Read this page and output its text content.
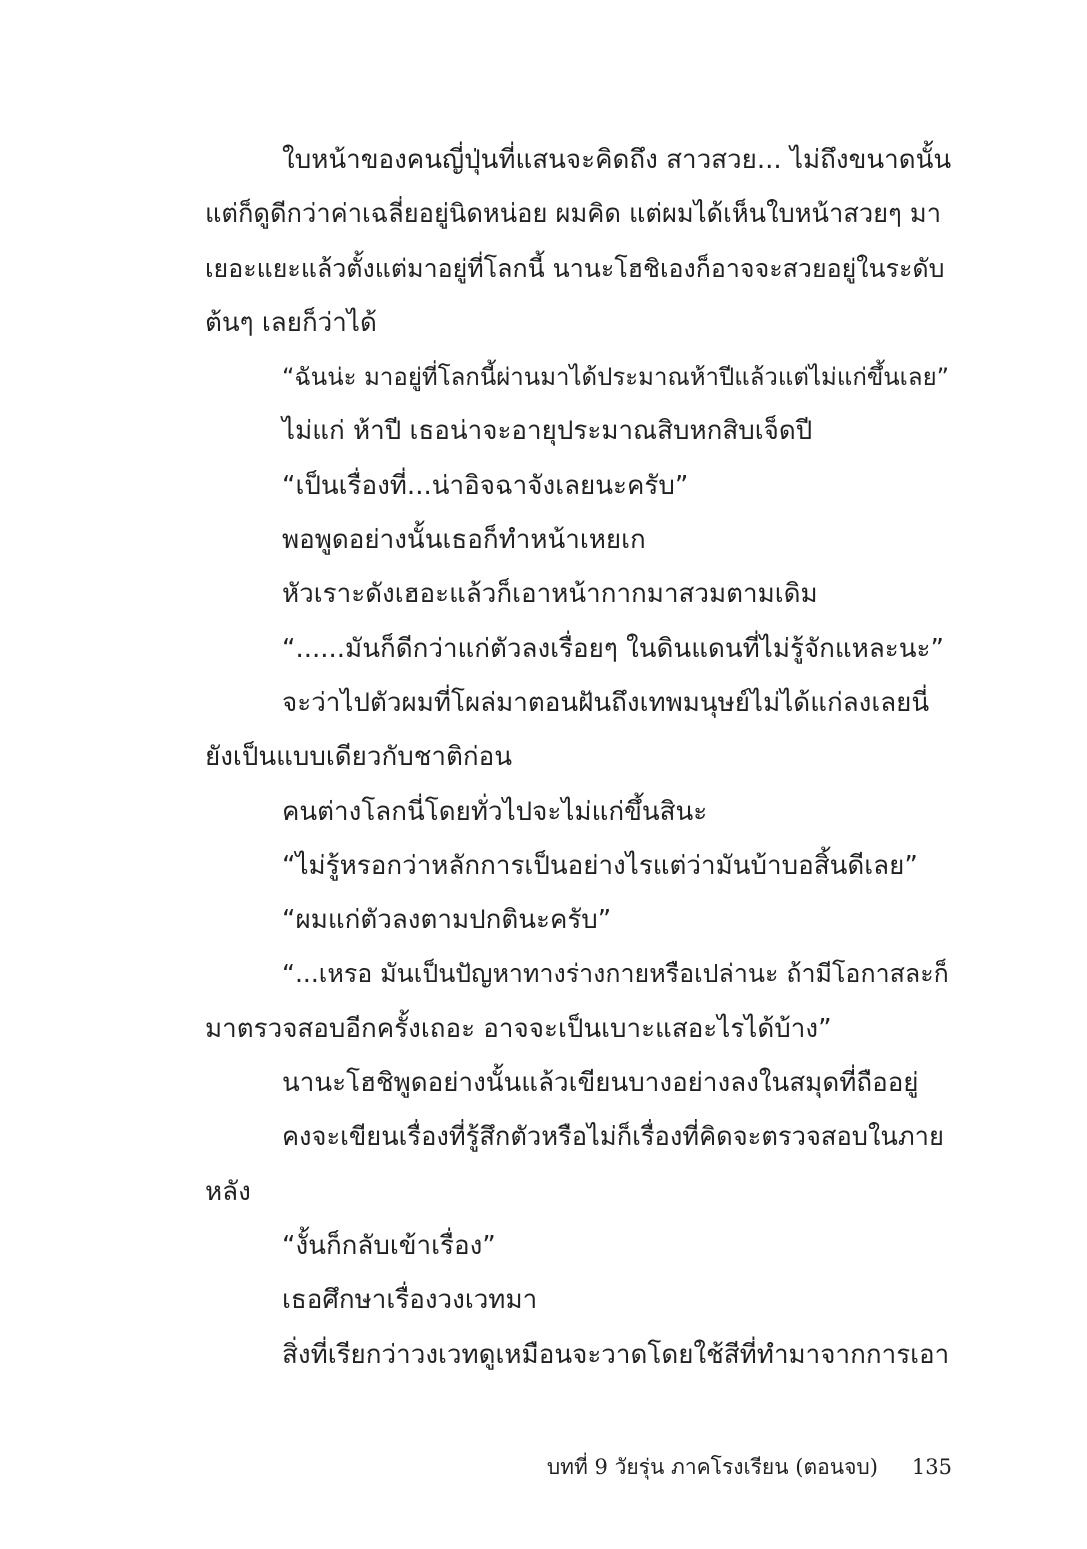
ใบหน้าของคนญี่ปุ่นที่แสนจะคิดถึง สาวสวย... ไม่ถึงขนาดนั้น
แต่ก็ดูดีกว่าค่าเฉลี่ยอยู่นิดหน่อย ผมคิด แต่ผมได้เห็นใบหน้าสวยๆ มา
เยอะแยะแล้วตั้งแต่มาอยู่ที่โลกนี้ นานะโฮชิเองก็อาจจะสวยอยู่ในระดับ
ต้นๆ เลยก็ว่าได้
“ฉันน่ะ มาอยู่ที่โลกนี้ผ่านมาได้ประมาณห้าปีแล้วแต่ไม่แก่ขึ้นเลย”
ไม่แก่ ห้าปี เธอน่าจะอายุประมาณสิบหกสิบเจ็ดปี
“เป็นเรื่องที่...น่าอิจฉาจังเลยนะครับ”
พอพูดอย่างนั้นเธอก็ทำหน้าเหยเก
หัวเราะดังเฮอะแล้วก็เอาหน้ากากมาสวมตามเดิม
“......มันก็ดีกว่าแก่ตัวลงเรื่อยๆ ในดินแดนที่ไม่รู้จักแหละนะ”
จะว่าไปตัวผมที่โผล่มาตอนฝันถึงเทพมนุษย์ไม่ได้แก่ลงเลยนี่
ยังเป็นแบบเดียวกับชาติก่อน
คนต่างโลกนี่โดยทั่วไปจะไม่แก่ขึ้นสินะ
“ไม่รู้หรอกว่าหลักการเป็นอย่างไรแต่ว่ามันบ้าบอสิ้นดีเลย”
“ผมแก่ตัวลงตามปกตินะครับ”
“...เหรอ มันเป็นปัญหาทางร่างกายหรือเปล่านะ ถ้ามีโอกาสละก็
มาตรวจสอบอีกครั้งเถอะ อาจจะเป็นเบาะแสอะไรได้บ้าง”
นานะโฮชิพูดอย่างนั้นแล้วเขียนบางอย่างลงในสมุดที่ถืออยู่
คงจะเขียนเรื่องที่รู้สึกตัวหรือไม่ก็เรื่องที่คิดจะตรวจสอบในภาย
หลัง
“งั้นก็กลับเข้าเรื่อง”
เธอศึกษาเรื่องวงเวทมา
สิ่งที่เรียกว่าวงเวทดูเหมือนจะวาดโดยใช้สีที่ทำมาจากการเอา
บทที่ 9 วัยรุ่น ภาคโรงเรียน (ตอนจบ) 135
